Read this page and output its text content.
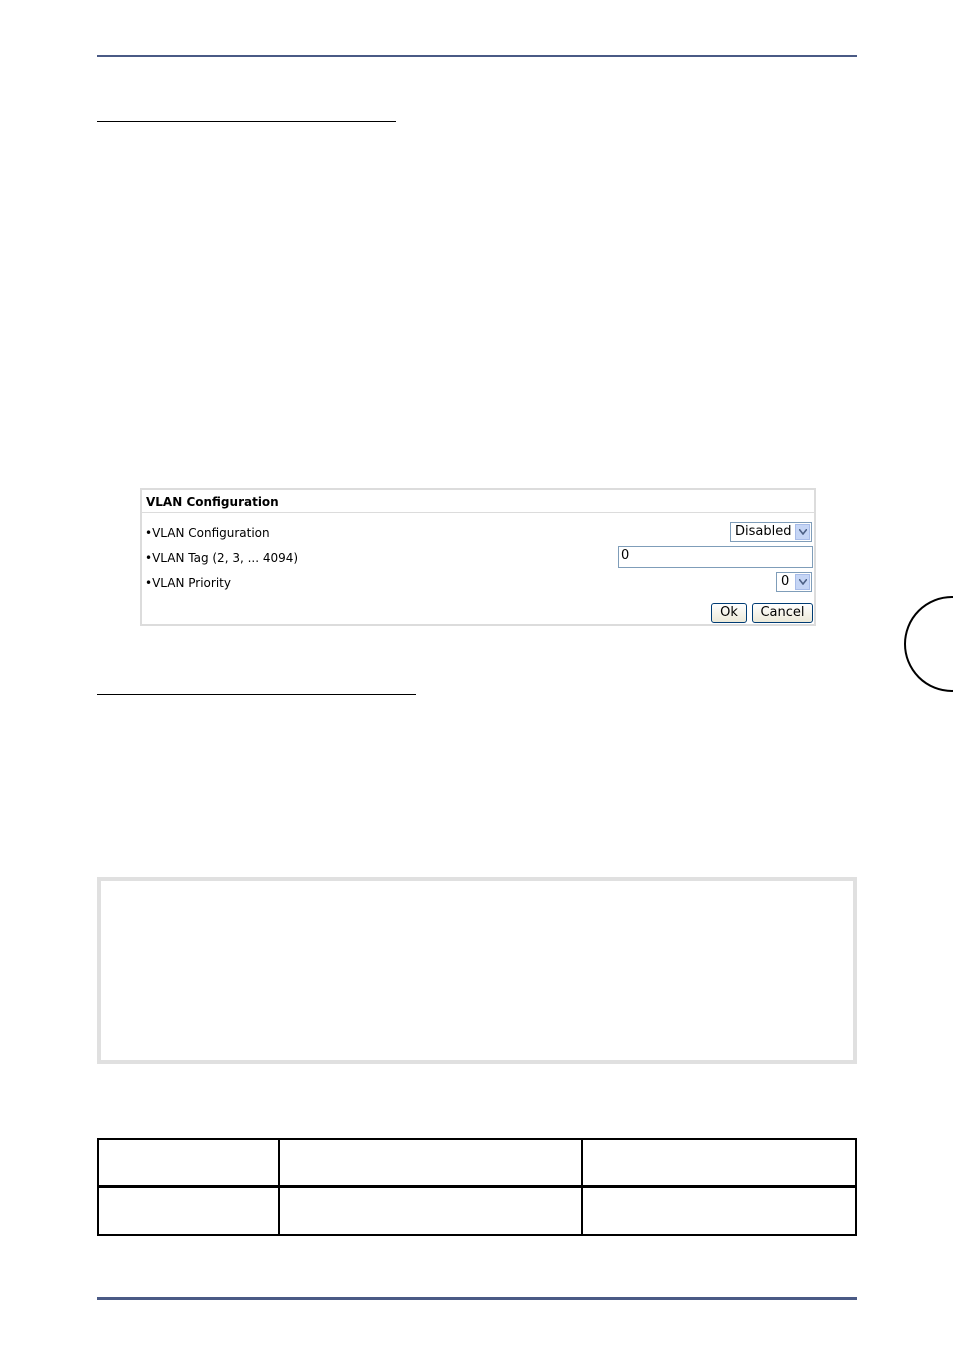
VLAN Configuration
•VLAN Configuration	Disabled
•VLAN Tag (2, 3, ... 4094)	0
•VLAN Priority	0
Ok	Cancel
